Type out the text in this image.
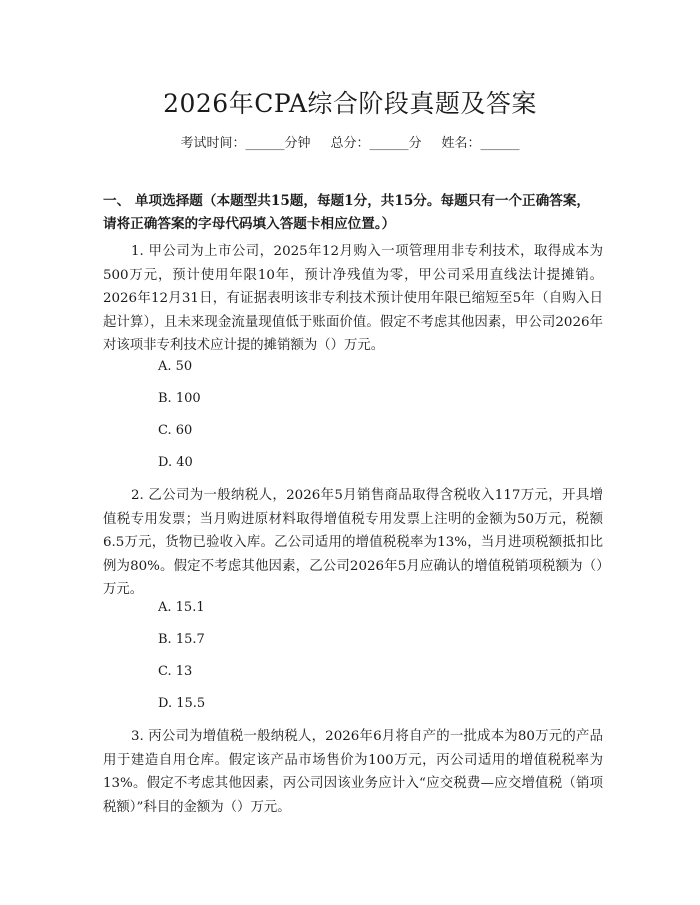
2026年CPA综合阶段真题及答案
考试时间：______分钟 总分：______分 姓名：______
一、 单项选择题（本题型共15题，每题1分，共15分。每题只有一个正确答案，请将正确答案的字母代码填入答题卡相应位置。）
1. 甲公司为上市公司，2025年12月购入一项管理用非专利技术，取得成本为500万元，预计使用年限10年，预计净残值为零，甲公司采用直线法计提摊销。2026年12月31日，有证据表明该非专利技术预计使用年限已缩短至5年（自购入日起计算），且未来现金流量现值低于账面价值。假定不考虑其他因素，甲公司2026年对该项非专利技术应计提的摊销额为（）万元。
A. 50
B. 100
C. 60
D. 40
2. 乙公司为一般纳税人，2026年5月销售商品取得含税收入117万元，开具增值税专用发票；当月购进原材料取得增值税专用发票上注明的金额为50万元，税额6.5万元，货物已验收入库。乙公司适用的增值税税率为13%，当月进项税额抵扣比例为80%。假定不考虑其他因素，乙公司2026年5月应确认的增值税销项税额为（）万元。
A. 15.1
B. 15.7
C. 13
D. 15.5
3. 丙公司为增值税一般纳税人，2026年6月将自产的一批成本为80万元的产品用于建造自用仓库。假定该产品市场售价为100万元，丙公司适用的增值税税率为13%。假定不考虑其他因素，丙公司因该业务应计入“应交税费—应交增值税（销项税额）”科目的金额为（）万元。
